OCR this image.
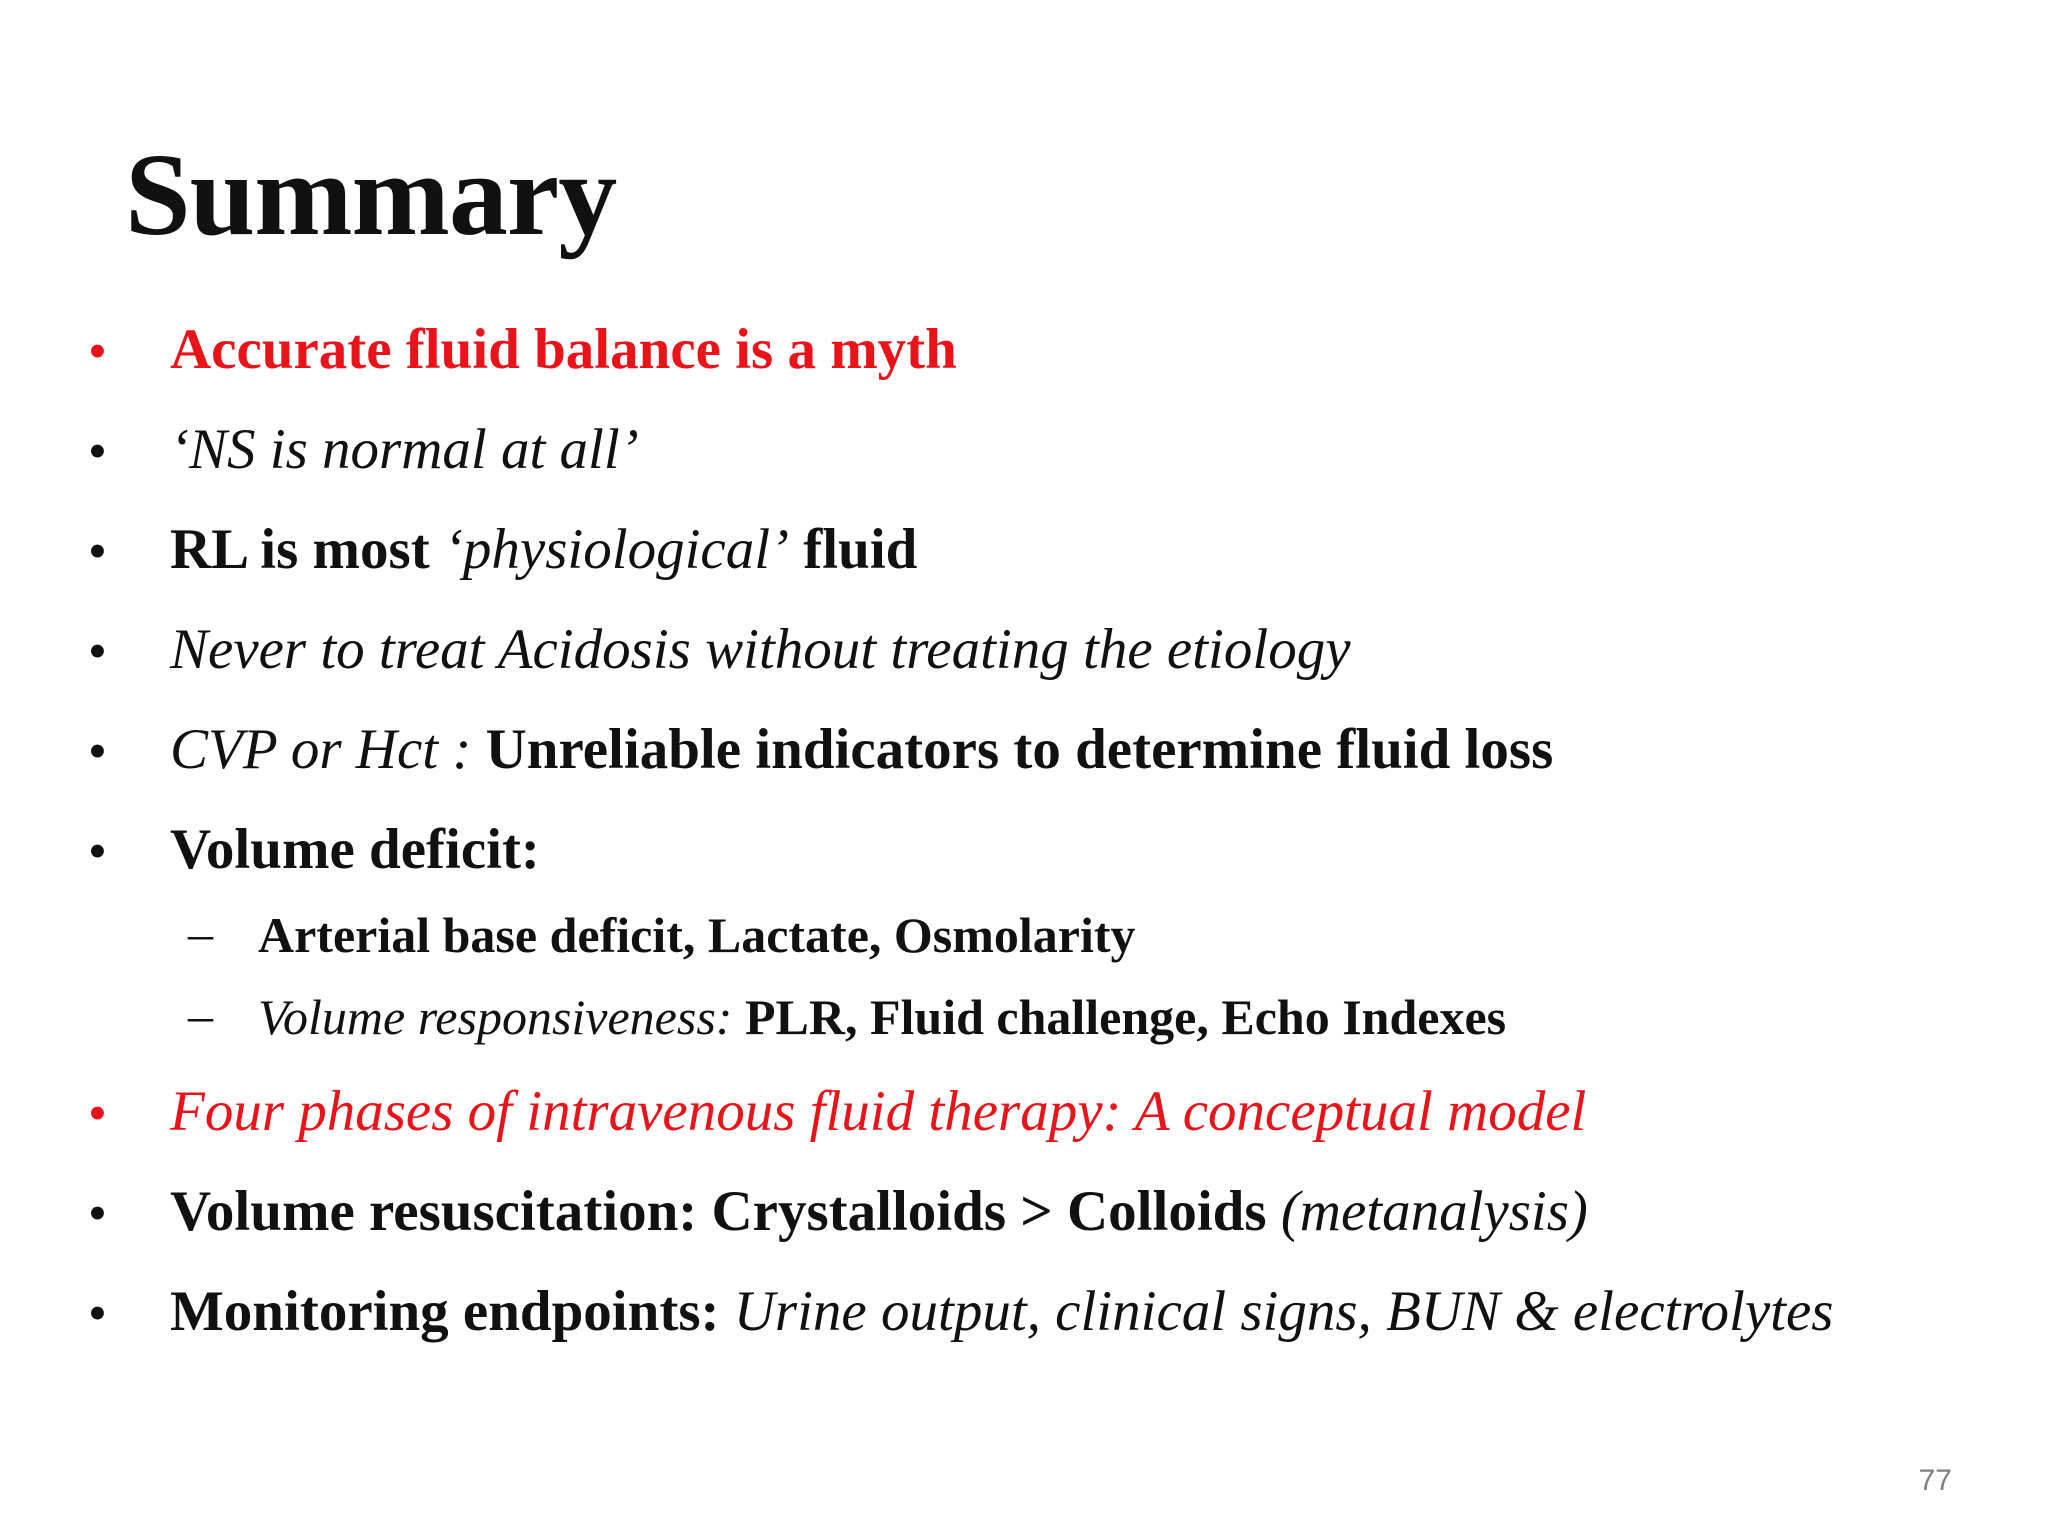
Summary
• Accurate fluid balance is a myth
• ‘NS is normal at all’
• RL is most ‘physiological’ fluid
• Never to treat Acidosis without treating the etiology
• CVP or Hct : Unreliable indicators to determine fluid loss
• Volume deficit:
– Arterial base deficit, Lactate, Osmolarity
– Volume responsiveness: PLR, Fluid challenge, Echo Indexes
• Four phases of intravenous fluid therapy: A conceptual model
• Volume resuscitation: Crystalloids > Colloids (metanalysis)
• Monitoring endpoints: Urine output, clinical signs, BUN & electrolytes
77
